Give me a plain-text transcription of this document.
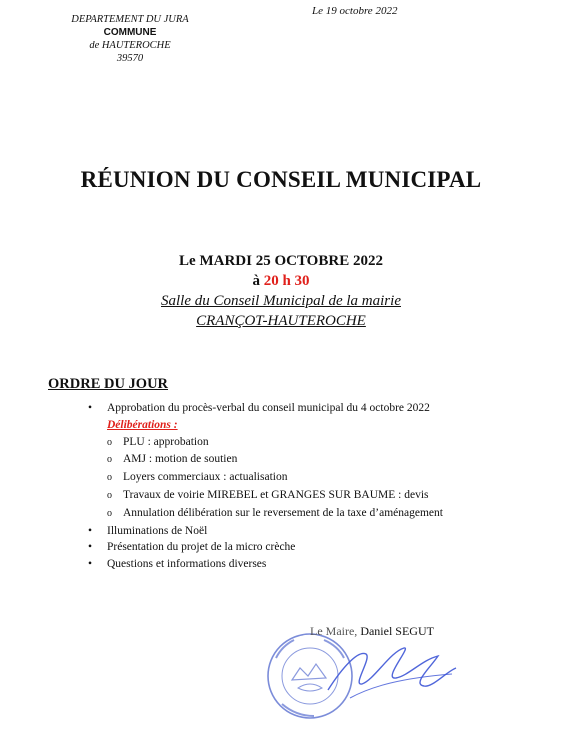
DEPARTEMENT DU JURA
COMMUNE
de HAUTEROCHE
39570
Le 19 octobre 2022
RÉUNION DU CONSEIL MUNICIPAL
Le MARDI 25 OCTOBRE 2022
à 20 h 30
Salle du Conseil Municipal de la mairie
CRANÇOT-HAUTEROCHE
ORDRE DU JOUR
• Approbation du procès-verbal du conseil municipal du 4 octobre 2022
Délibérations :
o PLU : approbation
o AMJ : motion de soutien
o Loyers commerciaux : actualisation
o Travaux de voirie MIREBEL et GRANGES SUR BAUME : devis
o Annulation délibération sur le reversement de la taxe d’aménagement
• Illuminations de Noël
• Présentation du projet de la micro crèche
• Questions et informations diverses
Le Maire, Daniel SEGUT
